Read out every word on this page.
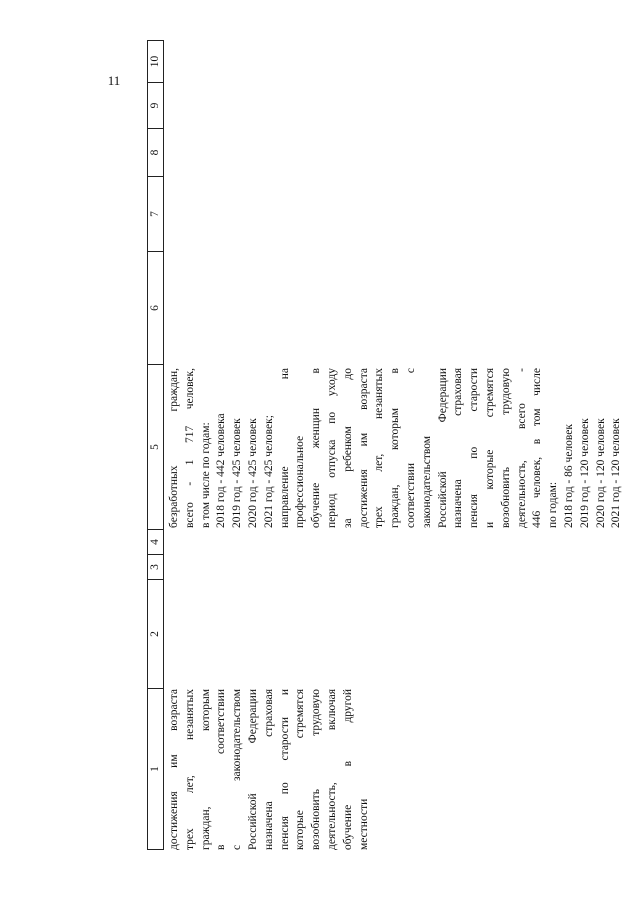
11
1
2
3
4
5
6
7
8
9
10
достижения им возраста трех лет, незанятых граждан, которым в соответствии с законодательством Российской Федерации назначена страховая пенсия по старости и которые стремятся возобновить трудовую деятельность, включая обучение в другой местности
безработных граждан, всего - 1 717 человек, в том числе по годам: 2018 год - 442 человека 2019 год - 425 человек 2020 год - 425 человек 2021 год - 425 человек; направление на профессиональное обучение женщин в период отпуска по уходу за ребенком до достижения им возраста трех лет, незанятых граждан, которым в соответствии с законодательством Российской Федерации назначена страховая пенсия по старости и которые стремятся возобновить трудовую деятельность, всего - 446 человек, в том числе по годам: 2018 год - 86 человек 2019 год - 120 человек 2020 год - 120 человек 2021 год - 120 человек
